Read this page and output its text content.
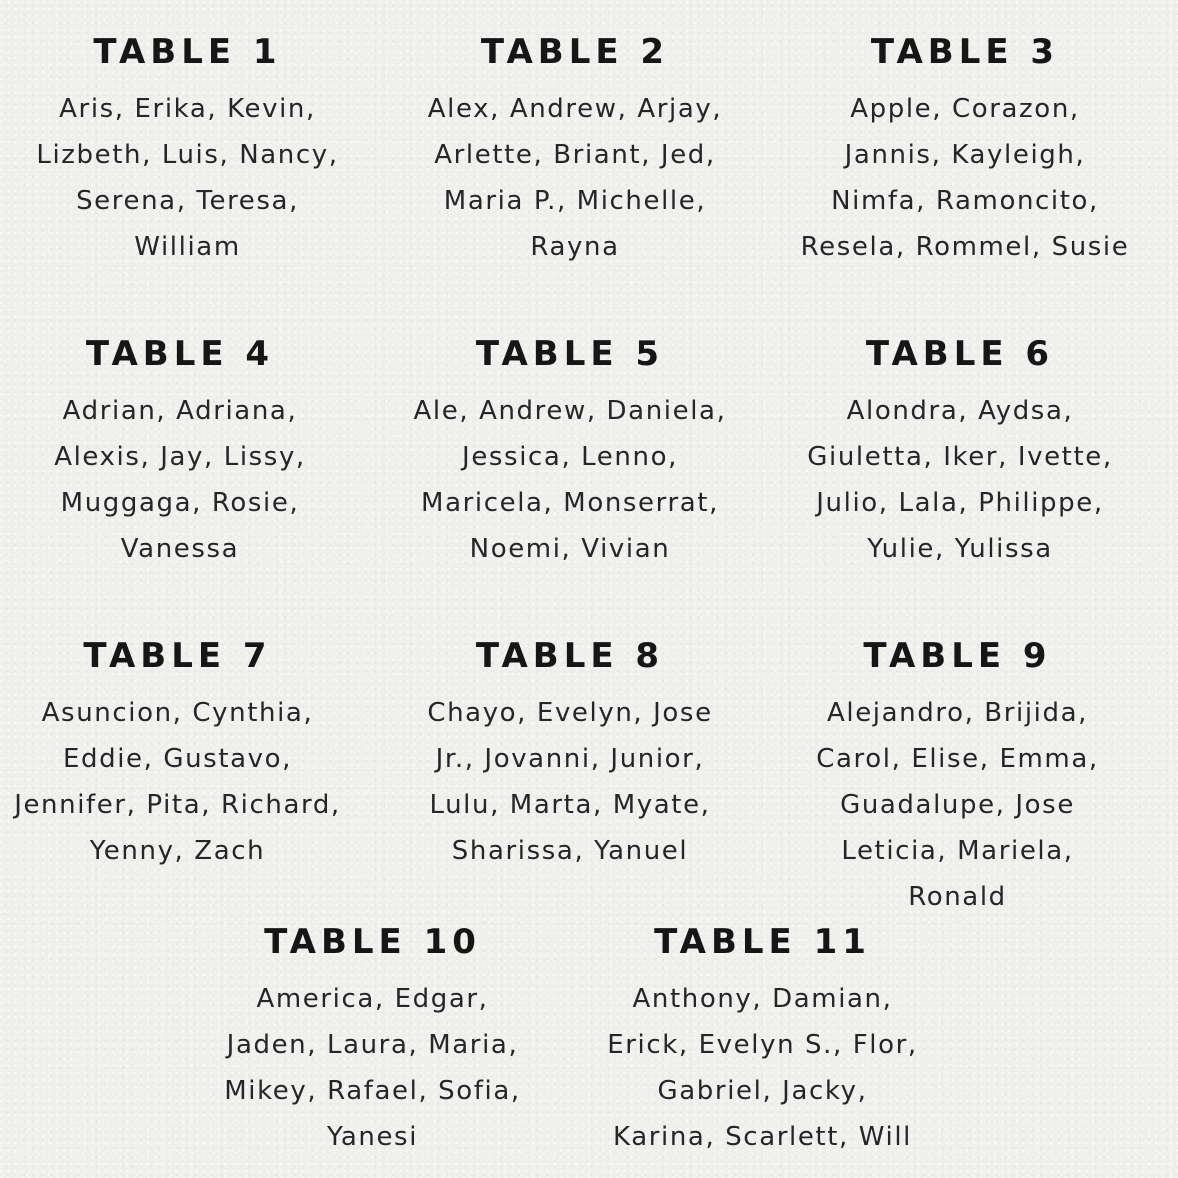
TABLE 1
Aris, Erika, Kevin,
Lizbeth, Luis, Nancy,
Serena, Teresa,
William
TABLE 2
Alex, Andrew, Arjay,
Arlette, Briant, Jed,
Maria P., Michelle,
Rayna
TABLE 3
Apple, Corazon,
Jannis, Kayleigh,
Nimfa, Ramoncito,
Resela, Rommel, Susie
TABLE 4
Adrian, Adriana,
Alexis, Jay, Lissy,
Muggaga, Rosie,
Vanessa
TABLE 5
Ale, Andrew, Daniela,
Jessica, Lenno,
Maricela, Monserrat,
Noemi, Vivian
TABLE 6
Alondra, Aydsa,
Giuletta, Iker, Ivette,
Julio, Lala, Philippe,
Yulie, Yulissa
TABLE 7
Asuncion, Cynthia,
Eddie, Gustavo,
Jennifer, Pita, Richard,
Yenny, Zach
TABLE 8
Chayo, Evelyn, Jose
Jr., Jovanni, Junior,
Lulu, Marta, Myate,
Sharissa, Yanuel
TABLE 9
Alejandro, Brijida,
Carol, Elise, Emma,
Guadalupe, Jose
Leticia, Mariela,
Ronald
TABLE 10
America, Edgar,
Jaden, Laura, Maria,
Mikey, Rafael, Sofia,
Yanesi
TABLE 11
Anthony, Damian,
Erick, Evelyn S., Flor,
Gabriel, Jacky,
Karina, Scarlett, Will
